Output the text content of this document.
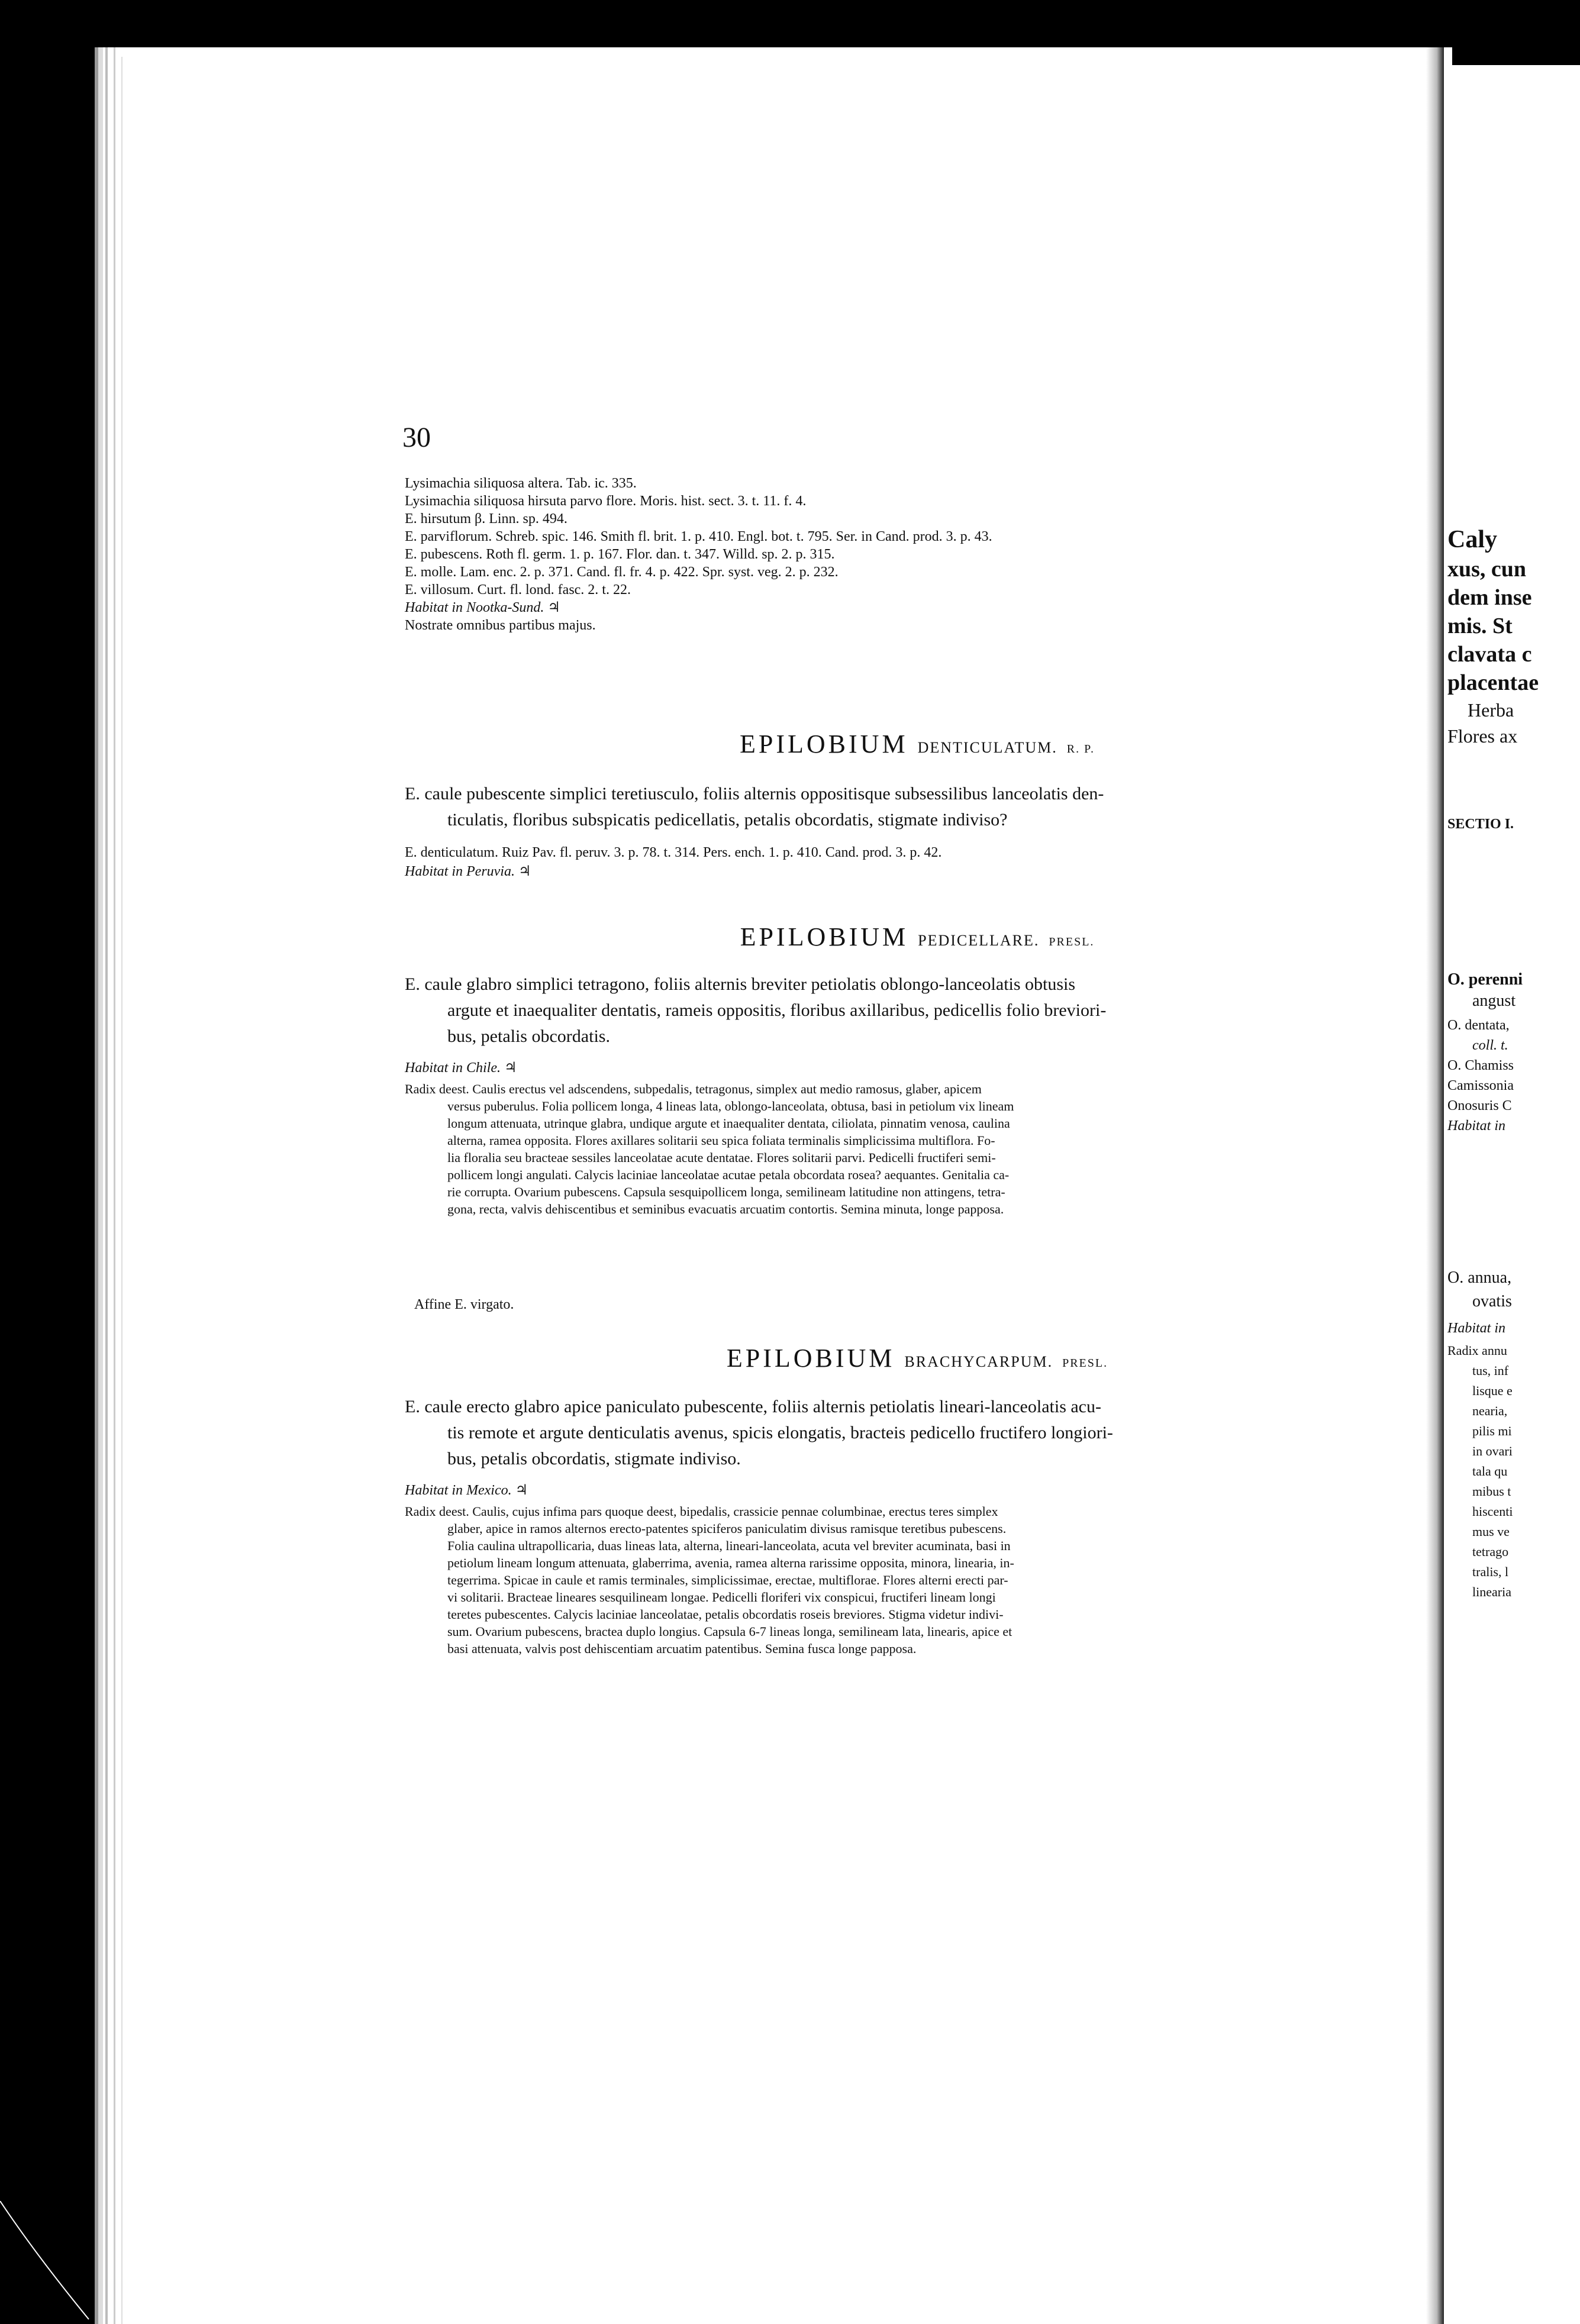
30
Lysimachia siliquosa altera. Tab. ic. 335.
Lysimachia siliquosa hirsuta parvo flore. Moris. hist. sect. 3. t. 11. f. 4.
E. hirsutum β. Linn. sp. 494.
E. parviflorum. Schreb. spic. 146. Smith fl. brit. 1. p. 410. Engl. bot. t. 795. Ser. in Cand. prod. 3. p. 43.
E. pubescens. Roth fl. germ. 1. p. 167. Flor. dan. t. 347. Willd. sp. 2. p. 315.
E. molle. Lam. enc. 2. p. 371. Cand. fl. fr. 4. p. 422. Spr. syst. veg. 2. p. 232.
E. villosum. Curt. fl. lond. fasc. 2. t. 22.
Habitat in Nootka-Sund. ♃
Nostrate omnibus partibus majus.
EPILOBIUM DENTICULATUM. R. P.
E. caule pubescente simplici teretiusculo, foliis alternis oppositisque subsessilibus lanceolatis den-
ticulatis, floribus subspicatis pedicellatis, petalis obcordatis, stigmate indiviso?
E. denticulatum. Ruiz Pav. fl. peruv. 3. p. 78. t. 314. Pers. ench. 1. p. 410. Cand. prod. 3. p. 42.
Habitat in Peruvia. ♃
EPILOBIUM PEDICELLARE. PRESL.
E. caule glabro simplici tetragono, foliis alternis breviter petiolatis oblongo-lanceolatis obtusis
argute et inaequaliter dentatis, rameis oppositis, floribus axillaribus, pedicellis folio breviori-
bus, petalis obcordatis.
Habitat in Chile. ♃
Radix deest. Caulis erectus vel adscendens, subpedalis, tetragonus, simplex aut medio ramosus, glaber, apicem
versus puberulus. Folia pollicem longa, 4 lineas lata, oblongo-lanceolata, obtusa, basi in petiolum vix lineam
longum attenuata, utrinque glabra, undique argute et inaequaliter dentata, ciliolata, pinnatim venosa, caulina
alterna, ramea opposita. Flores axillares solitarii seu spica foliata terminalis simplicissima multiflora. Fo-
lia floralia seu bracteae sessiles lanceolatae acute dentatae. Flores solitarii parvi. Pedicelli fructiferi semi-
pollicem longi angulati. Calycis laciniae lanceolatae acutae petala obcordata rosea? aequantes. Genitalia ca-
rie corrupta. Ovarium pubescens. Capsula sesquipollicem longa, semilineam latitudine non attingens, tetra-
gona, recta, valvis dehiscentibus et seminibus evacuatis arcuatim contortis. Semina minuta, longe papposa.
Affine E. virgato.
EPILOBIUM BRACHYCARPUM. PRESL.
E. caule erecto glabro apice paniculato pubescente, foliis alternis petiolatis lineari-lanceolatis acu-
tis remote et argute denticulatis avenus, spicis elongatis, bracteis pedicello fructifero longiori-
bus, petalis obcordatis, stigmate indiviso.
Habitat in Mexico. ♃
Radix deest. Caulis, cujus infima pars quoque deest, bipedalis, crassicie pennae columbinae, erectus teres simplex
glaber, apice in ramos alternos erecto-patentes spiciferos paniculatim divisus ramisque teretibus pubescens.
Folia caulina ultrapollicaria, duas lineas lata, alterna, lineari-lanceolata, acuta vel breviter acuminata, basi in
petiolum lineam longum attenuata, glaberrima, avenia, ramea alterna rarissime opposita, minora, linearia, in-
tegerrima. Spicae in caule et ramis terminales, simplicissimae, erectae, multiflorae. Flores alterni erecti par-
vi solitarii. Bracteae lineares sesquilineam longae. Pedicelli floriferi vix conspicui, fructiferi lineam longi
teretes pubescentes. Calycis laciniae lanceolatae, petalis obcordatis roseis breviores. Stigma videtur indivi-
sum. Ovarium pubescens, bractea duplo longius. Capsula 6-7 lineas longa, semilineam lata, linearis, apice et
basi attenuata, valvis post dehiscentiam arcuatim patentibus. Semina fusca longe papposa.
Caly
xus, cun
dem inse
mis. St
clavata c
placentae
Herba
Flores ax
SECTIO I.
O. perenni
angust
O. dentata,
coll. t.
O. Chamiss
Camissonia
Onosuris C
Habitat in
O. annua,
ovatis
Habitat in
Radix annu
tus, inf
lisque e
nearia,
pilis mi
in ovari
tala qu
mibus t
hiscenti
mus ve
tetrago
tralis, l
linearia
